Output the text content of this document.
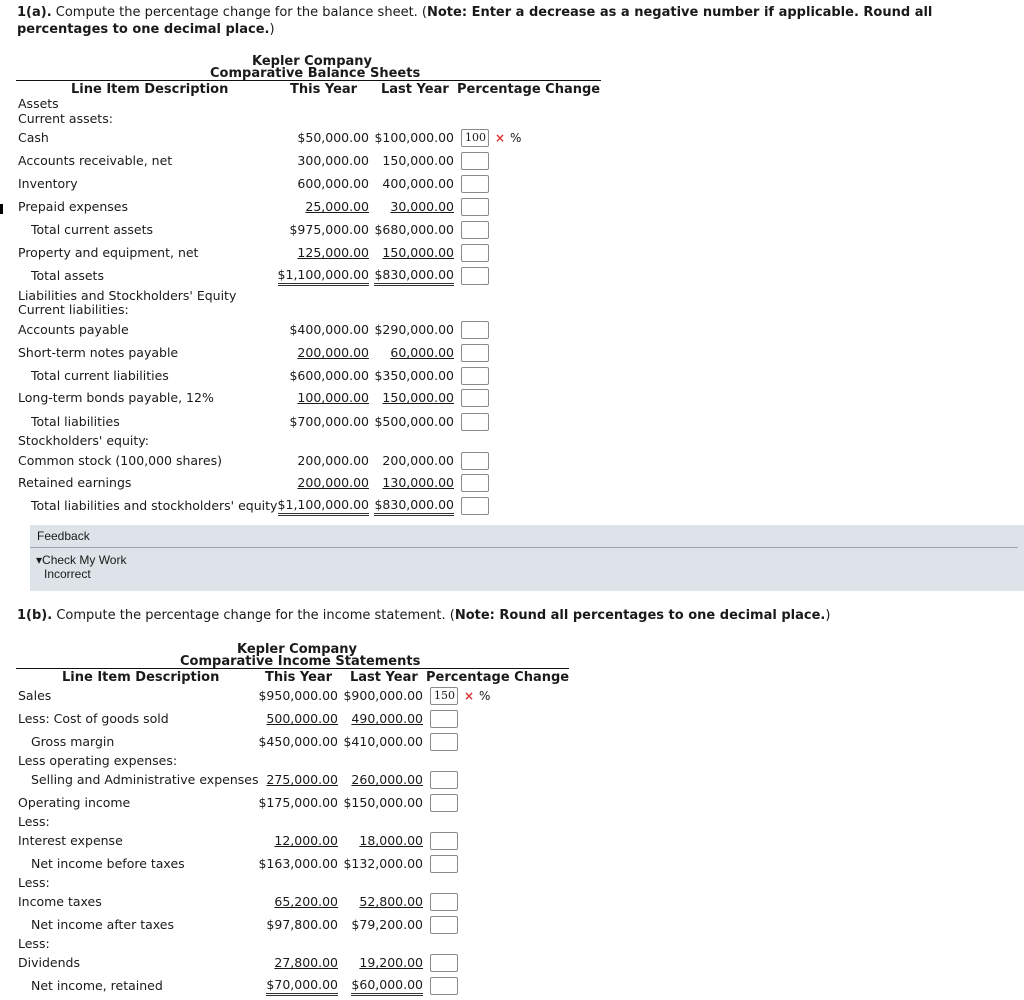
1(a). Compute the percentage change for the balance sheet. (Note: Enter a decrease as a negative number if applicable. Round all percentages to one decimal place.)
Kepler Company
Comparative Balance Sheets
Line Item Description	This Year Last Year Percentage Change
Assets
Current assets:
Liabilities and Stockholders' Equity
Current liabilities:
Stockholders' equity:
Cash	$50,000.00 $100,000.00	100 × %
Accounts receivable, net	300,000.00 150,000.00
Inventory	600,000.00 400,000.00
Prepaid expenses	25,000.00 30,000.00
Total current assets	$975,000.00 $680,000.00
Property and equipment, net	125,000.00 150,000.00
Total assets	$1,100,000.00 $830,000.00
Accounts payable	$400,000.00 $290,000.00
Short-term notes payable	200,000.00 60,000.00
Total current liabilities	$600,000.00 $350,000.00
Long-term bonds payable, 12%	100,000.00 150,000.00
Total liabilities	$700,000.00 $500,000.00
Common stock (100,000 shares)	200,000.00 200,000.00
Retained earnings	200,000.00 130,000.00
Total liabilities and stockholders' equity $1,100,000.00 $830,000.00
Feedback
▾Check My Work
Incorrect
1(b). Compute the percentage change for the income statement. (Note: Round all percentages to one decimal place.)
Kepler Company
Comparative Income Statements
Line Item Description	This Year Last Year Percentage Change
Less operating expenses:
Less:
Less:
Less:
Sales	$950,000.00 $900,000.00	150 × %
Less: Cost of goods sold	500,000.00 490,000.00
Gross margin	$450,000.00 $410,000.00
Selling and Administrative expenses 275,000.00 260,000.00
Operating income	$175,000.00 $150,000.00
Interest expense	12,000.00 18,000.00
Net income before taxes	$163,000.00 $132,000.00
Income taxes	65,200.00 52,800.00
Net income after taxes	$97,800.00 $79,200.00
Dividends	27,800.00 19,200.00
Net income, retained	$70,000.00 $60,000.00
